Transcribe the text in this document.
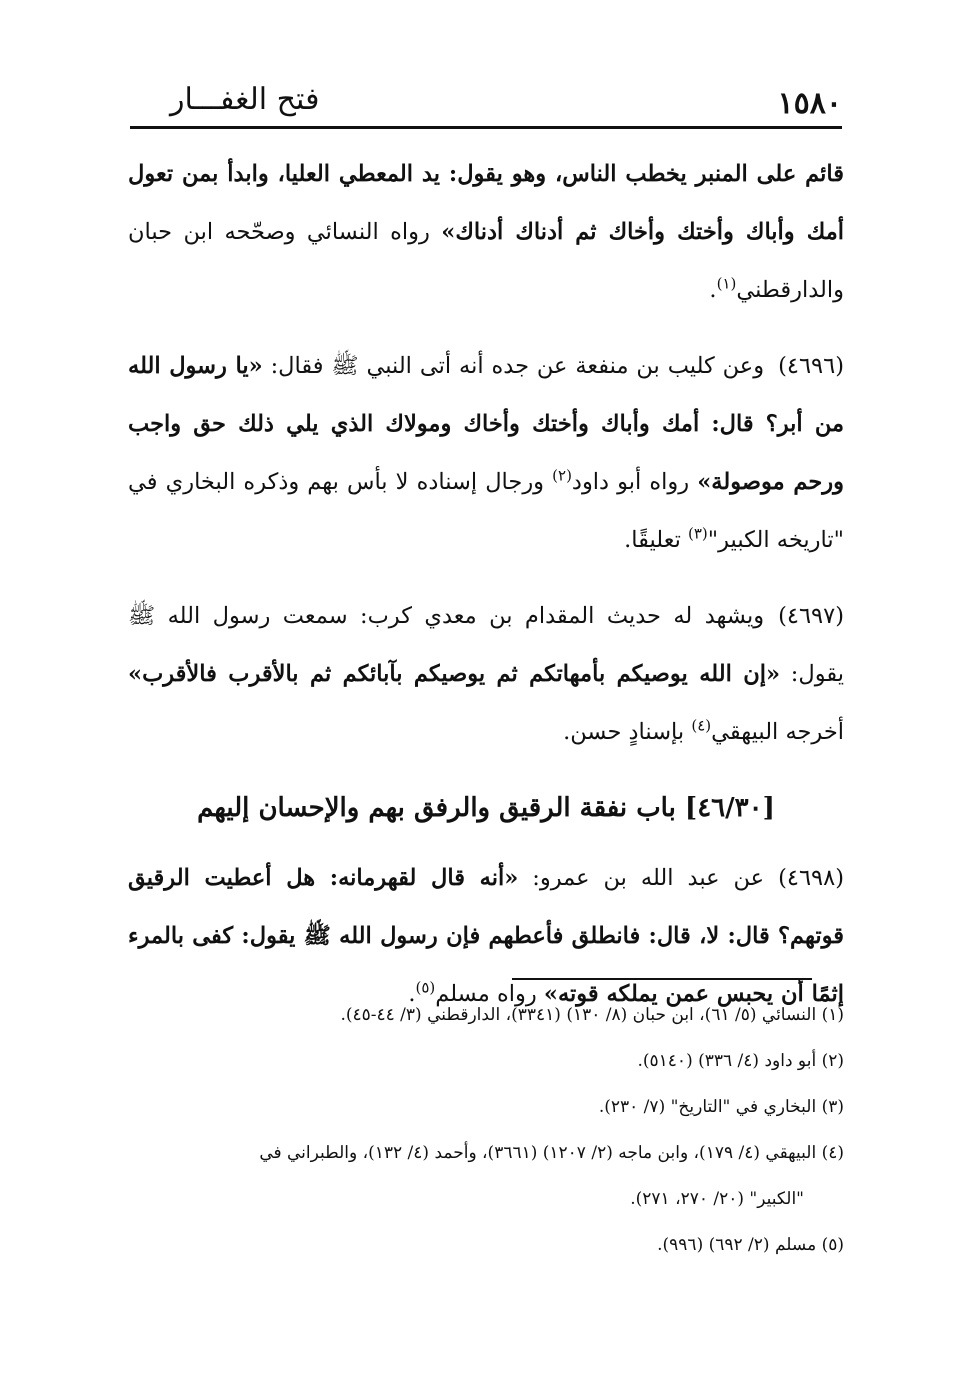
١٥٨٠
فتح الغفـــار

قائم على المنبر يخطب الناس، وهو يقول: يد المعطي العليا، وابدأ بمن تعول أمك وأباك وأختك وأخاك ثم أدناك أدناك» رواه النسائي وصحّحه ابن حبان والدارقطني$^{(١)}$.

(٤٦٩٦)وعن كليب بن منفعة عن جده أنه أتى النبي ﷺ فقال: «يا رسول الله من أبر؟ قال: أمك وأباك وأختك وأخاك ومولاك الذي يلي ذلك حق واجب ورحم موصولة» رواه أبو داود$^{(٢)}$ ورجال إسناده لا بأس بهم وذكره البخاري في "تاريخه الكبير"$^{(٣)}$ تعليقًا.

(٤٦٩٧)ويشهد له حديث المقدام بن معدي كرب: سمعت رسول الله ﷺ يقول: «إن الله يوصيكم بأمهاتكم ثم يوصيكم بآبائكم ثم بالأقرب فالأقرب» أخرجه البيهقي$^{(٤)}$ بإسنادٍ حسن.

[٤٦/٣٠] باب نفقة الرقيق والرفق بهم والإحسان إليهم

(٤٦٩٨)عن عبد الله بن عمرو: «أنه قال لقهرمانه: هل أعطيت الرقيق قوتهم؟ قال: لا، قال: فانطلق فأعطهم فإن رسول الله ﷺ يقول: كفى بالمرء إثمًا أن يحبس عمن يملكه قوته» رواه مسلم$^{(٥)}$.

(١) النسائي (٥/ ٦١)، ابن حبان (٨/ ١٣٠) (٣٣٤١)، الدارقطني (٣/ ٤٤-٤٥).

(٢) أبو داود (٤/ ٣٣٦) (٥١٤٠).

(٣) البخاري في "التاريخ" (٧/ ٢٣٠).

(٤) البيهقي (٤/ ١٧٩)، وابن ماجه (٢/ ١٢٠٧) (٣٦٦١)، وأحمد (٤/ ١٣٢)، والطبراني في

"الكبير" (٢٠/ ٢٧٠، ٢٧١).

(٥) مسلم (٢/ ٦٩٢) (٩٩٦).
